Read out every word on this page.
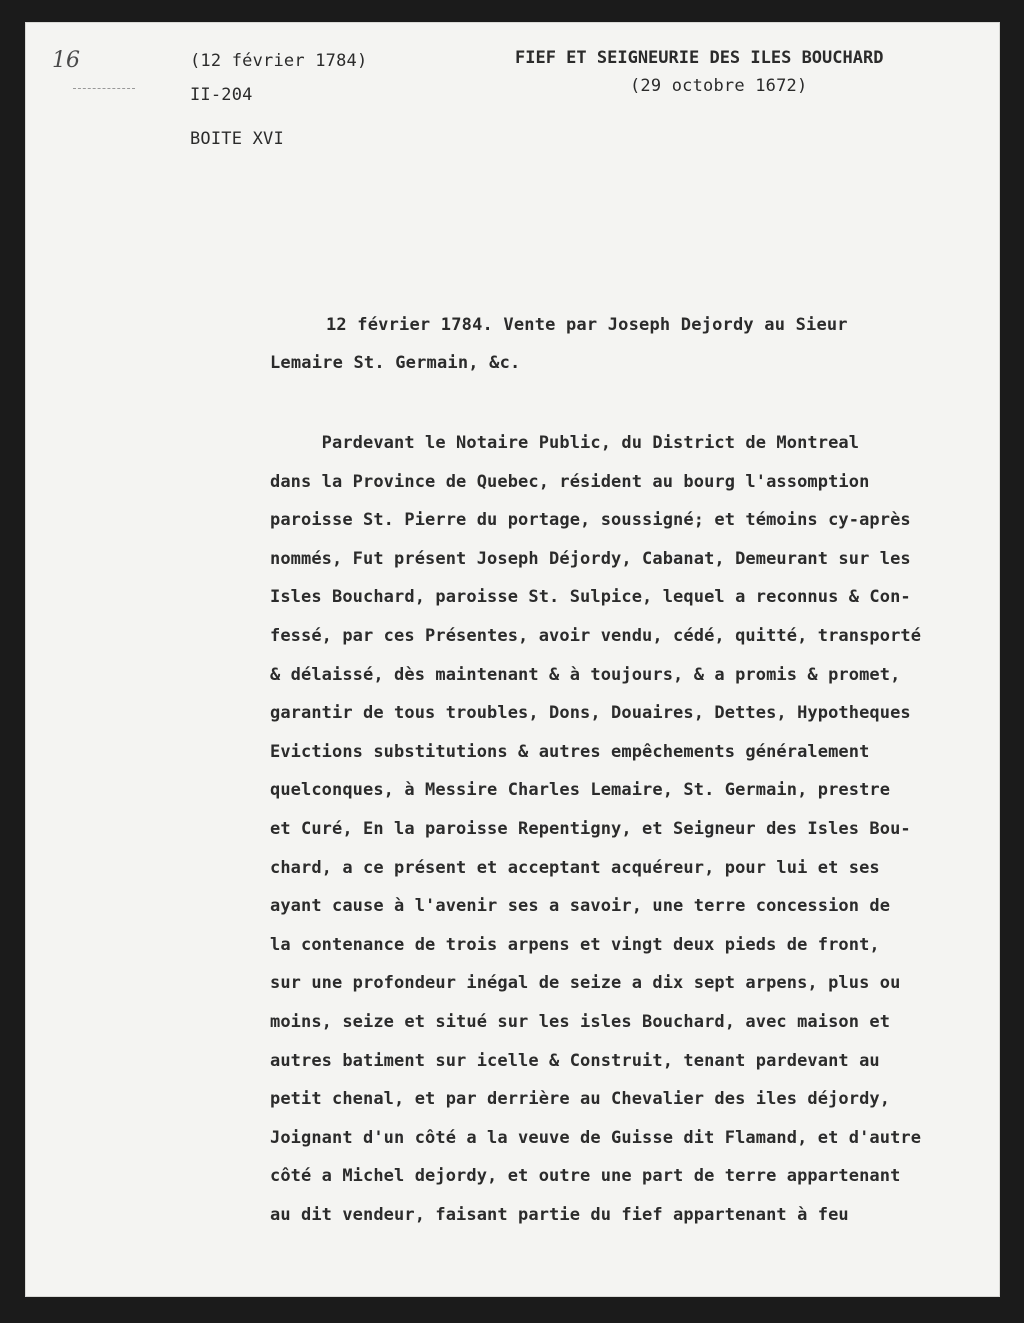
16	(12 février 1784)
II-204
BOITE XVI
FIEF ET SEIGNEURIE DES ILES BOUCHARD
(29 octobre 1672)
12 février 1784. Vente par Joseph Dejordy au Sieur
Lemaire St. Germain, &c.
Pardevant le Notaire Public, du District de Montreal
dans la Province de Quebec, résident au bourg l'assomption
paroisse St. Pierre du portage, soussigné; et témoins cy-après
nommés, Fut présent Joseph Déjordy, Cabanat, Demeurant sur les
Isles Bouchard, paroisse St. Sulpice, lequel a reconnus & Con-
fessé, par ces Présentes, avoir vendu, cédé, quitté, transporté
& délaissé, dès maintenant & à toujours, & a promis & promet,
garantir de tous troubles, Dons, Douaires, Dettes, Hypotheques
Evictions substitutions & autres empêchements généralement
quelconques, à Messire Charles Lemaire, St. Germain, prestre
et Curé, En la paroisse Repentigny, et Seigneur des Isles Bou-
chard, a ce présent et acceptant acquéreur, pour lui et ses
ayant cause à l'avenir ses a savoir, une terre concession de
la contenance de trois arpens et vingt deux pieds de front,
sur une profondeur inégal de seize a dix sept arpens, plus ou
moins, seize et situé sur les isles Bouchard, avec maison et
autres batiment sur icelle & Construit, tenant pardevant au
petit chenal, et par derrière au Chevalier des iles déjordy,
Joignant d'un côté a la veuve de Guisse dit Flamand, et d'autre
côté a Michel dejordy, et outre une part de terre appartenant
au dit vendeur, faisant partie du fief appartenant à feu
